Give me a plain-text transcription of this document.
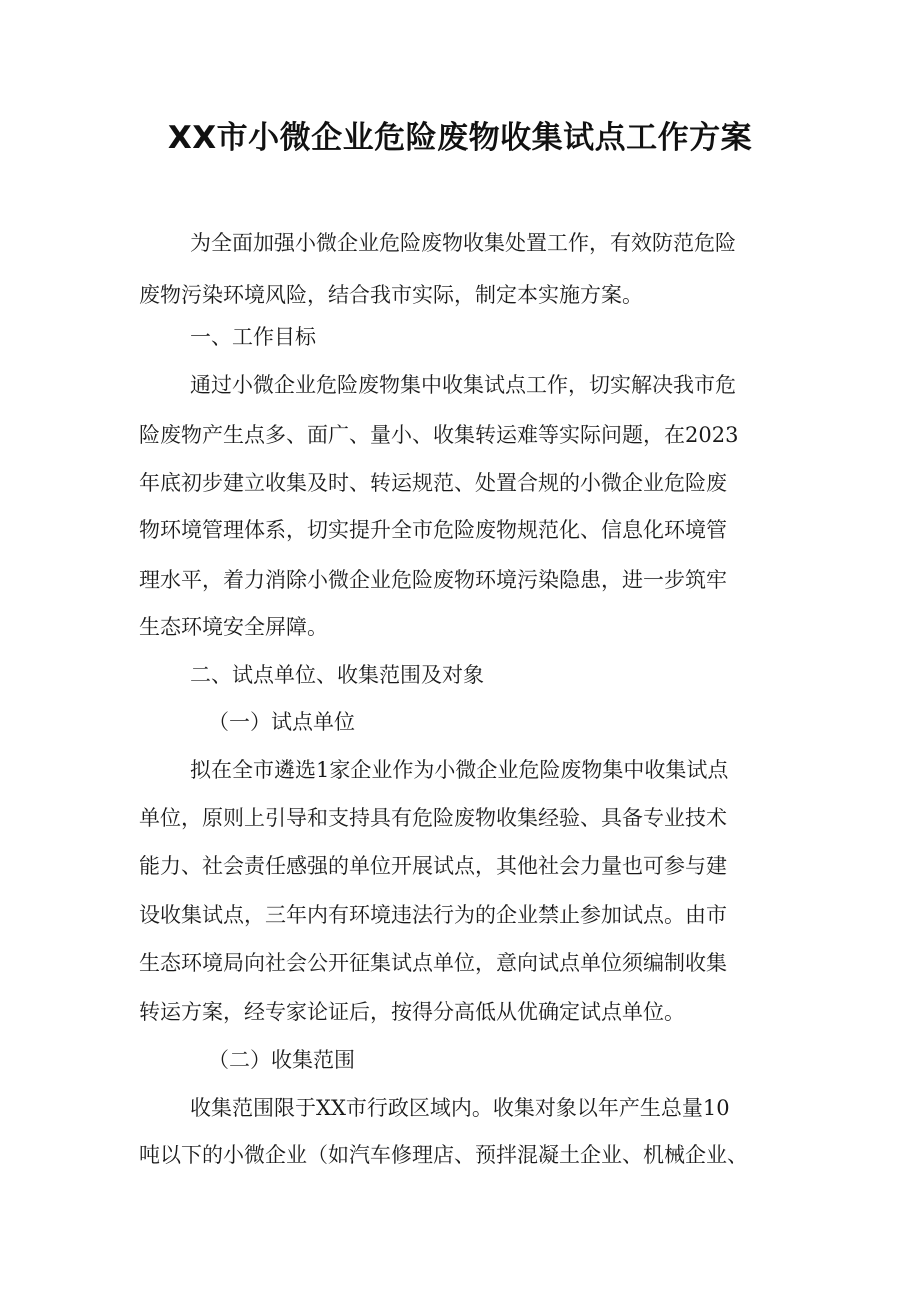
XX市小微企业危险废物收集试点工作方案

为全面加强小微企业危险废物收集处置工作，有效防范危险

废物污染环境风险，结合我市实际，制定本实施方案。

一、工作目标

通过小微企业危险废物集中收集试点工作，切实解决我市危

险废物产生点多、面广、量小、收集转运难等实际问题，在2023

年底初步建立收集及时、转运规范、处置合规的小微企业危险废

物环境管理体系，切实提升全市危险废物规范化、信息化环境管

理水平，着力消除小微企业危险废物环境污染隐患，进一步筑牢

生态环境安全屏障。

二、试点单位、收集范围及对象

（一）试点单位

拟在全市遴选1家企业作为小微企业危险废物集中收集试点

单位，原则上引导和支持具有危险废物收集经验、具备专业技术

能力、社会责任感强的单位开展试点，其他社会力量也可参与建

设收集试点，三年内有环境违法行为的企业禁止参加试点。由市

生态环境局向社会公开征集试点单位，意向试点单位须编制收集

转运方案，经专家论证后，按得分高低从优确定试点单位。

（二）收集范围

收集范围限于XX市行政区域内。收集对象以年产生总量10

吨以下的小微企业（如汽车修理店、预拌混凝土企业、机械企业、
